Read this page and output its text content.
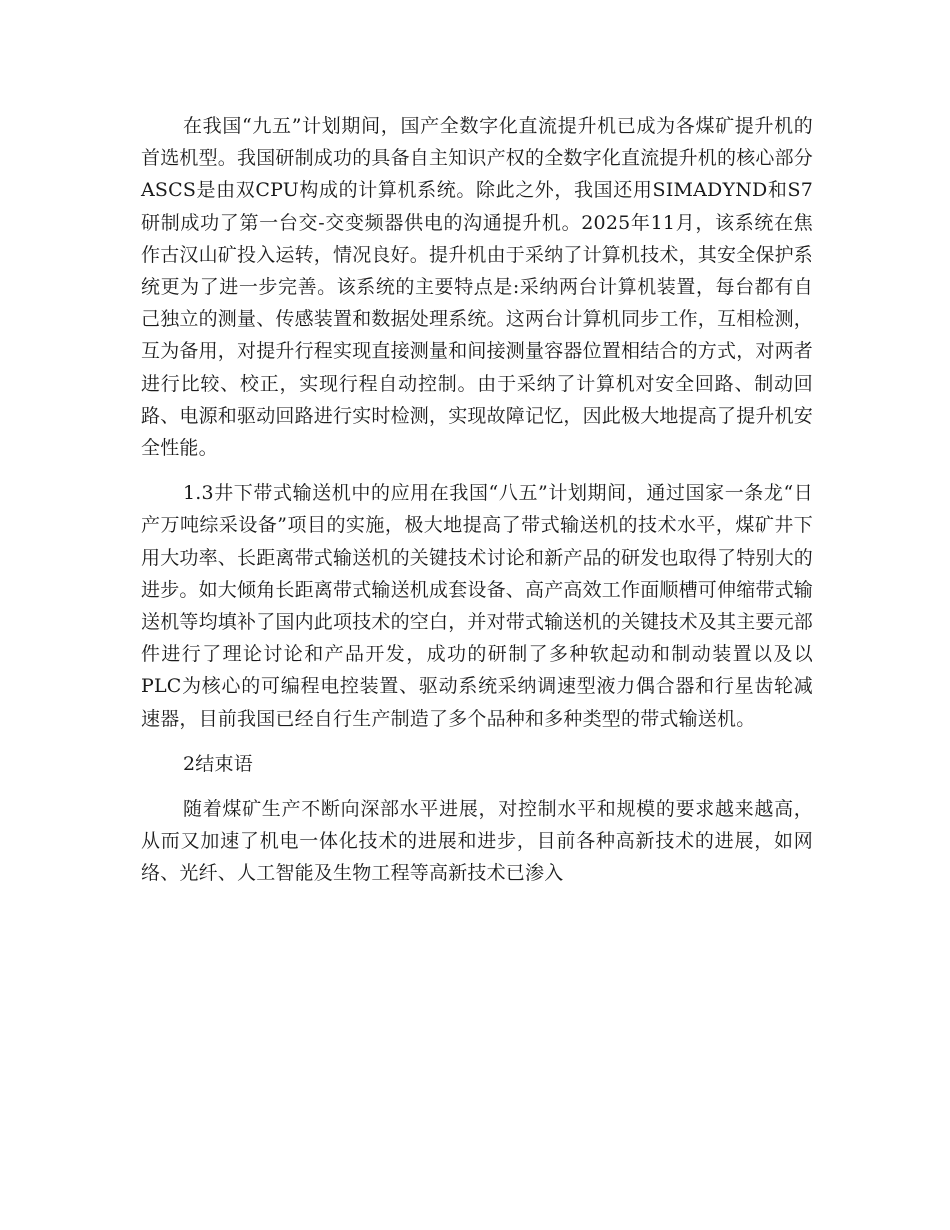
在我国“九五”计划期间，国产全数字化直流提升机已成为各煤矿提升机的首选机型。我国研制成功的具备自主知识产权的全数字化直流提升机的核心部分ASCS是由双CPU构成的计算机系统。除此之外，我国还用SIMADYND和S7研制成功了第一台交-交变频器供电的沟通提升机。2025年11月，该系统在焦作古汉山矿投入运转，情况良好。提升机由于采纳了计算机技术，其安全保护系统更为了进一步完善。该系统的主要特点是:采纳两台计算机装置，每台都有自己独立的测量、传感装置和数据处理系统。这两台计算机同步工作，互相检测，互为备用，对提升行程实现直接测量和间接测量容器位置相结合的方式，对两者进行比较、校正，实现行程自动控制。由于采纳了计算机对安全回路、制动回路、电源和驱动回路进行实时检测，实现故障记忆，因此极大地提高了提升机安全性能。

1.3井下带式输送机中的应用在我国“八五”计划期间，通过国家一条龙“日产万吨综采设备”项目的实施，极大地提高了带式输送机的技术水平，煤矿井下用大功率、长距离带式输送机的关键技术讨论和新产品的研发也取得了特别大的进步。如大倾角长距离带式输送机成套设备、高产高效工作面顺槽可伸缩带式输送机等均填补了国内此项技术的空白，并对带式输送机的关键技术及其主要元部件进行了理论讨论和产品开发，成功的研制了多种软起动和制动装置以及以PLC为核心的可编程电控装置、驱动系统采纳调速型液力偶合器和行星齿轮减速器，目前我国已经自行生产制造了多个品种和多种类型的带式输送机。

2结束语

随着煤矿生产不断向深部水平进展，对控制水平和规模的要求越来越高，从而又加速了机电一体化技术的进展和进步，目前各种高新技术的进展，如网络、光纤、人工智能及生物工程等高新技术已渗入
